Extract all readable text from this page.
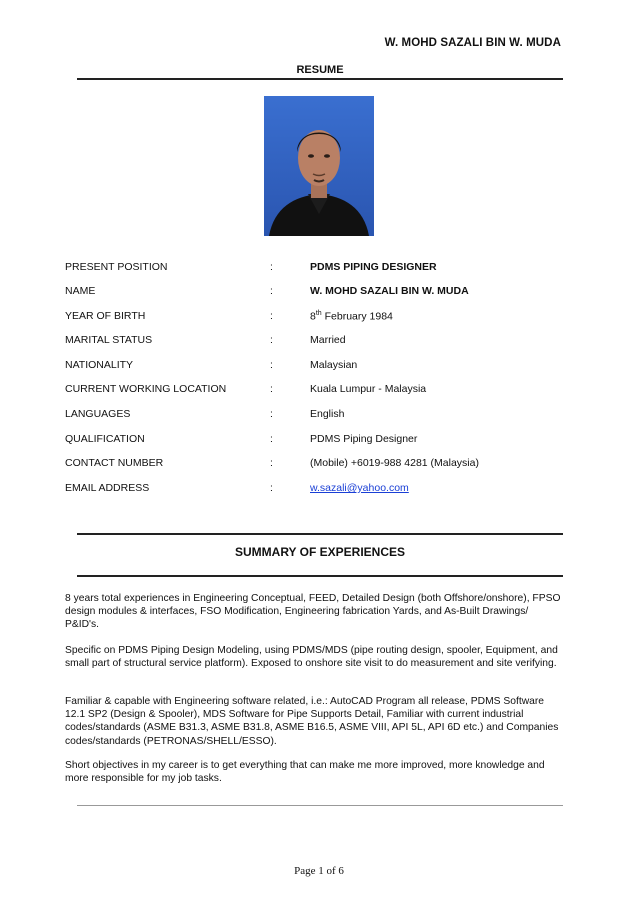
W. MOHD SAZALI BIN W. MUDA
RESUME
PRESENT POSITION	:	PDMS PIPING DESIGNER
NAME	:	W. MOHD SAZALI BIN W. MUDA
YEAR OF BIRTH	:	8th February 1984
MARITAL STATUS	:	Married
NATIONALITY	:	Malaysian
CURRENT WORKING LOCATION	:	Kuala Lumpur - Malaysia
LANGUAGES	:	English
QUALIFICATION	:	PDMS Piping Designer
CONTACT NUMBER	:	(Mobile) +6019-988 4281 (Malaysia)
EMAIL ADDRESS	:	w.sazali@yahoo.com
SUMMARY OF EXPERIENCES
8 years total experiences in Engineering Conceptual, FEED, Detailed Design (both Offshore/onshore), FPSO design modules & interfaces, FSO Modification, Engineering fabrication Yards, and As-Built Drawings/ P&ID's.
Specific on PDMS Piping Design Modeling, using PDMS/MDS (pipe routing design, spooler, Equipment, and small part of structural service platform). Exposed to onshore site visit to do measurement and site verifying.
Familiar & capable with Engineering software related, i.e.: AutoCAD Program all release, PDMS Software 12.1 SP2 (Design & Spooler), MDS Software for Pipe Supports Detail, Familiar with current industrial codes/standards (ASME B31.3, ASME B31.8, ASME B16.5, ASME VIII, API 5L, API 6D etc.) and Companies codes/standards (PETRONAS/SHELL/ESSO).
Short objectives in my career is to get everything that can make me more improved, more knowledge and more responsible for my job tasks.
Page 1 of 6
